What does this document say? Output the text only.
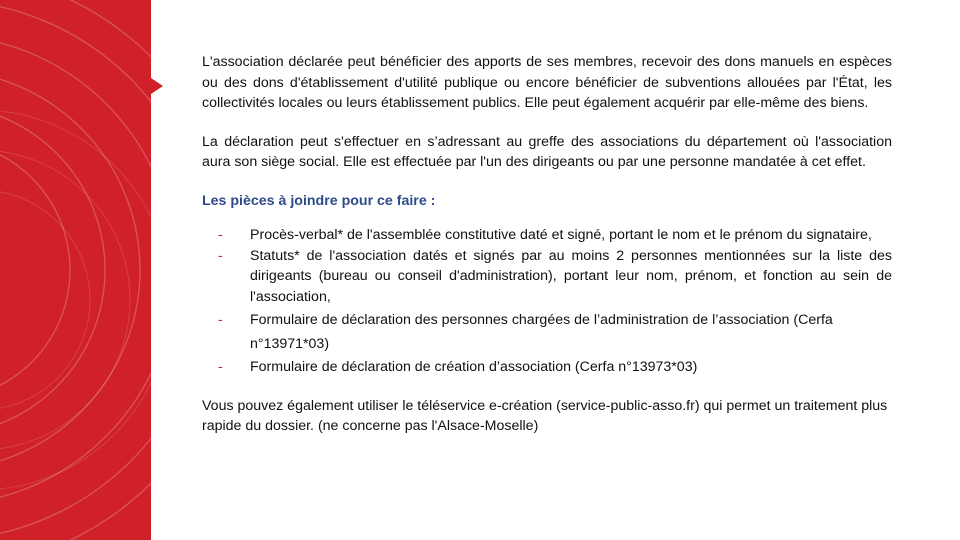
L'association déclarée peut bénéficier des apports de ses membres, recevoir des dons manuels en espèces ou des dons d'établissement d'utilité publique ou encore bénéficier de subventions allouées par l'État, les collectivités locales ou leurs établissement publics. Elle peut également acquérir par elle-même des biens.

La déclaration peut s'effectuer en s’adressant au greffe des associations du département où l'association aura son siège social. Elle est effectuée par l'un des dirigeants ou par une personne mandatée à cet effet.

Les pièces à joindre pour ce faire :

- Procès-verbal* de l'assemblée constitutive daté et signé, portant le nom et le prénom du signataire,
- Statuts* de l'association datés et signés par au moins 2 personnes mentionnées sur la liste des dirigeants (bureau ou conseil d'administration), portant leur nom, prénom, et fonction au sein de l'association,
- Formulaire de déclaration des personnes chargées de l’administration de l’association (Cerfa n°13971*03)
- Formulaire de déclaration de création d’association (Cerfa n°13973*03)

Vous pouvez également utiliser le téléservice e-création (service-public-asso.fr) qui permet un traitement plus rapide du dossier. (ne concerne pas l'Alsace-Moselle)
